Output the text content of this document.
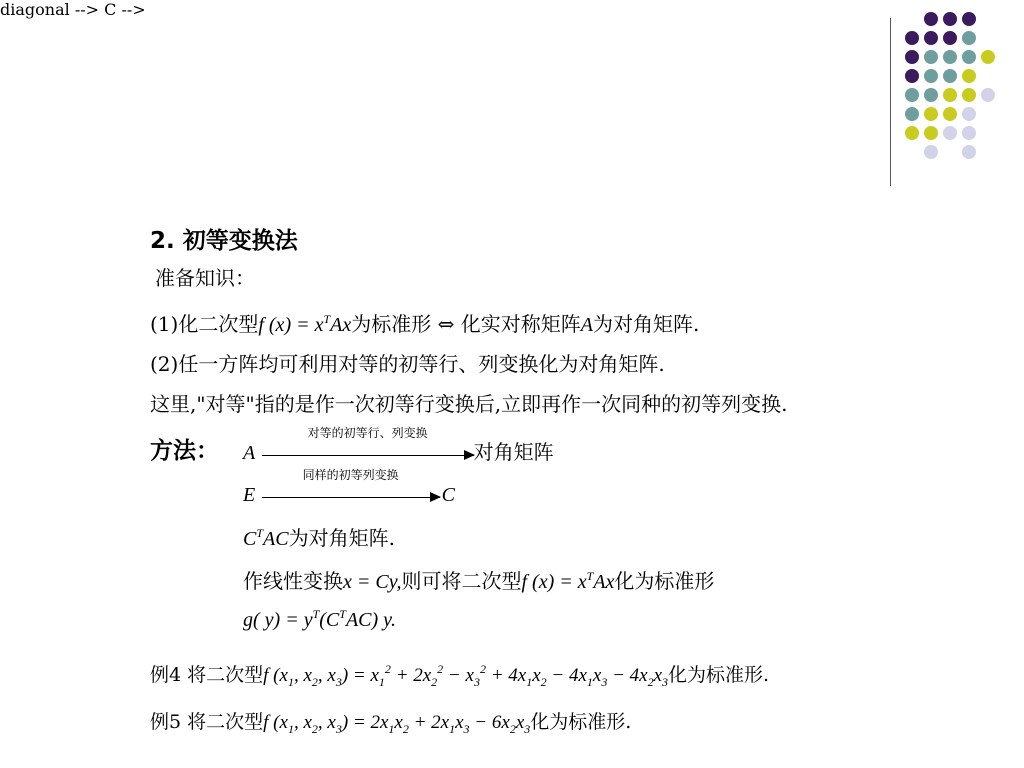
2. 初等变换法
准备知识：
(1)化二次型f $(x) = x^TAx$为标准形 ⇔ 化实对称矩阵A为对角矩阵.
(2)任一方阵均可利用对等的初等行、列变换化为对角矩阵.
这里,"对等"指的是作一次初等行变换后,立即再作一次同种的初等列变换.
方法：
diagonal -->
A
对等的初等行、列变换
对角矩阵
C -->
E
同样的初等列变换
C
$C^TAC$为对角矩阵.
作线性变换x = Cy,则可将二次型f $(x) = x^TAx$化为标准形
g( $y) = y^T(C^TAC)$ y.
例4 将二次型f ($x_1$, $x_2$, $x_3) = x_1^2 + 2x_2^2 - x_3^2 + 4x_1x_2 - 4x_1x_3 - 4x_2x_3$化为标准形.
例5 将二次型f ($x_1$, $x_2$, $x_3) = 2x_1x_2 + 2x_1x_3 - 6x_2x_3$化为标准形.
